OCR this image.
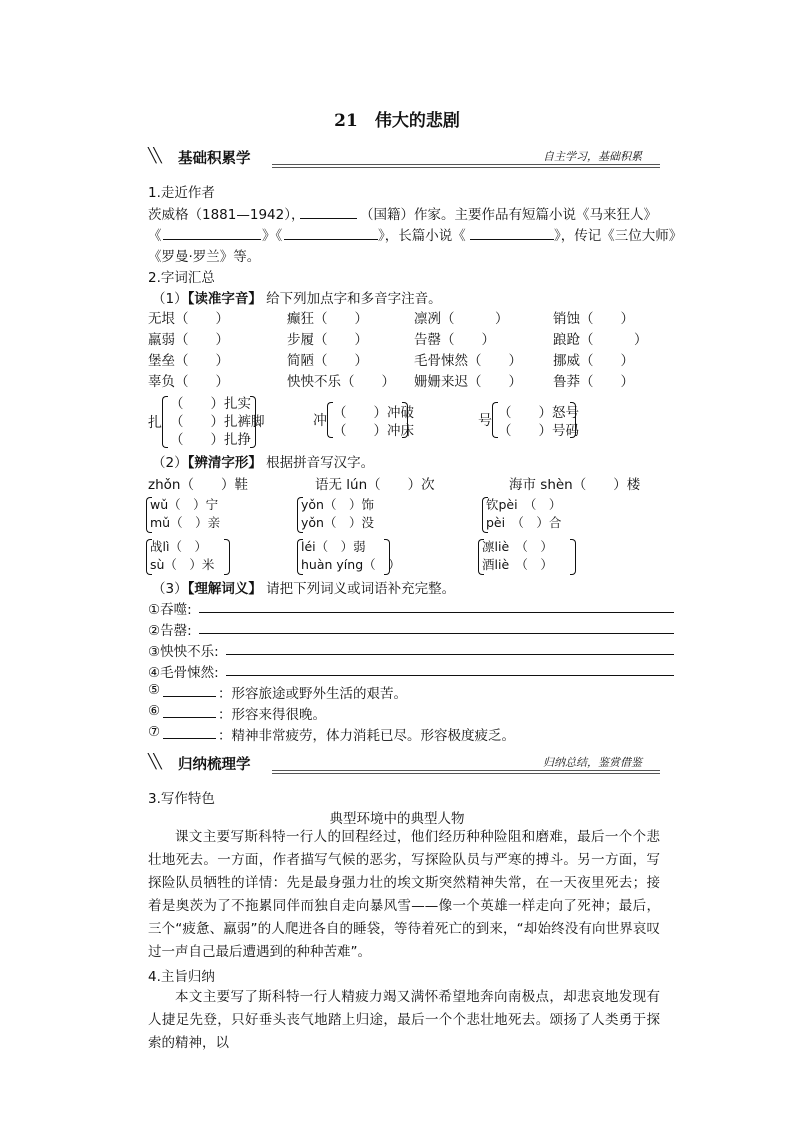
21　伟大的悲剧
╲╲ 基础积累学	自主学习，基础积累
1.走近作者
茨威格（1881—1942），	（国籍）作家。主要作品有短篇小说《马来狂人》
《	》《	》，长篇小说《	》，传记《三位大师》
《罗曼·罗兰》等。
2.字词汇总
（1）【读准字音】 给下列加点字和多音字注音。
无垠（　　）	癫狂（　　）	凛冽（　　　）	销蚀（　　）
羸弱（　　）	步履（　　）	告罄（　　）	踉跄（　　　）
堡垒（　　）	简陋（　　）	毛骨悚然（　　） 挪威（　　）
辜负（　　）	怏怏不乐（　　） 姗姗来迟（　　） 鲁莽（　　）
扎
（　　）扎实
（　　）扎裤脚
（　　）扎挣
冲 （　　）冲破
（　　）冲床
号 （　　）怒号
（　　）号码
（2）【辨清字形】 根据拼音写汉字。
zhǒn（　　）鞋	语无 lún（　　）次	海市 shèn（　　）楼
wǔ（　）宁
mǔ（　）亲
yǒn（　）饰
yǒn（　）没
钦pèi　（　）
pèi　（　）合
战lì（　）
sù（　）米
léi（　）弱
huàn yíng（　）
凛liè　（　）
酒liè　（　）
（3）【理解词义】 请把下列词义或词语补充完整。
①吞噬:
②告罄:
③怏怏不乐:
④毛骨悚然:
⑤	：形容旅途或野外生活的艰苦。
⑥	：形容来得很晚。
⑦	：精神非常疲劳，体力消耗已尽。形容极度疲乏。
╲╲ 归纳梳理学	归纳总结，鉴赏借鉴
3.写作特色
典型环境中的典型人物
课文主要写斯科特一行人的回程经过，他们经历种种险阻和磨难，最后一个个悲壮地死去。一方面，作者描写气候的恶劣，写探险队员与严寒的搏斗。另一方面，写探险队员牺牲的详情：先是最身强力壮的埃文斯突然精神失常，在一天夜里死去；接着是奥茨为了不拖累同伴而独自走向暴风雪——像一个英雄一样走向了死神；最后，三个“疲惫、羸弱”的人爬进各自的睡袋，等待着死亡的到来，“却始终没有向世界哀叹过一声自己最后遭遇到的种种苦难”。
4.主旨归纳
本文主要写了斯科特一行人精疲力竭又满怀希望地奔向南极点，却悲哀地发现有人捷足先登，只好垂头丧气地踏上归途，最后一个个悲壮地死去。颂扬了人类勇于探索的精神，以
